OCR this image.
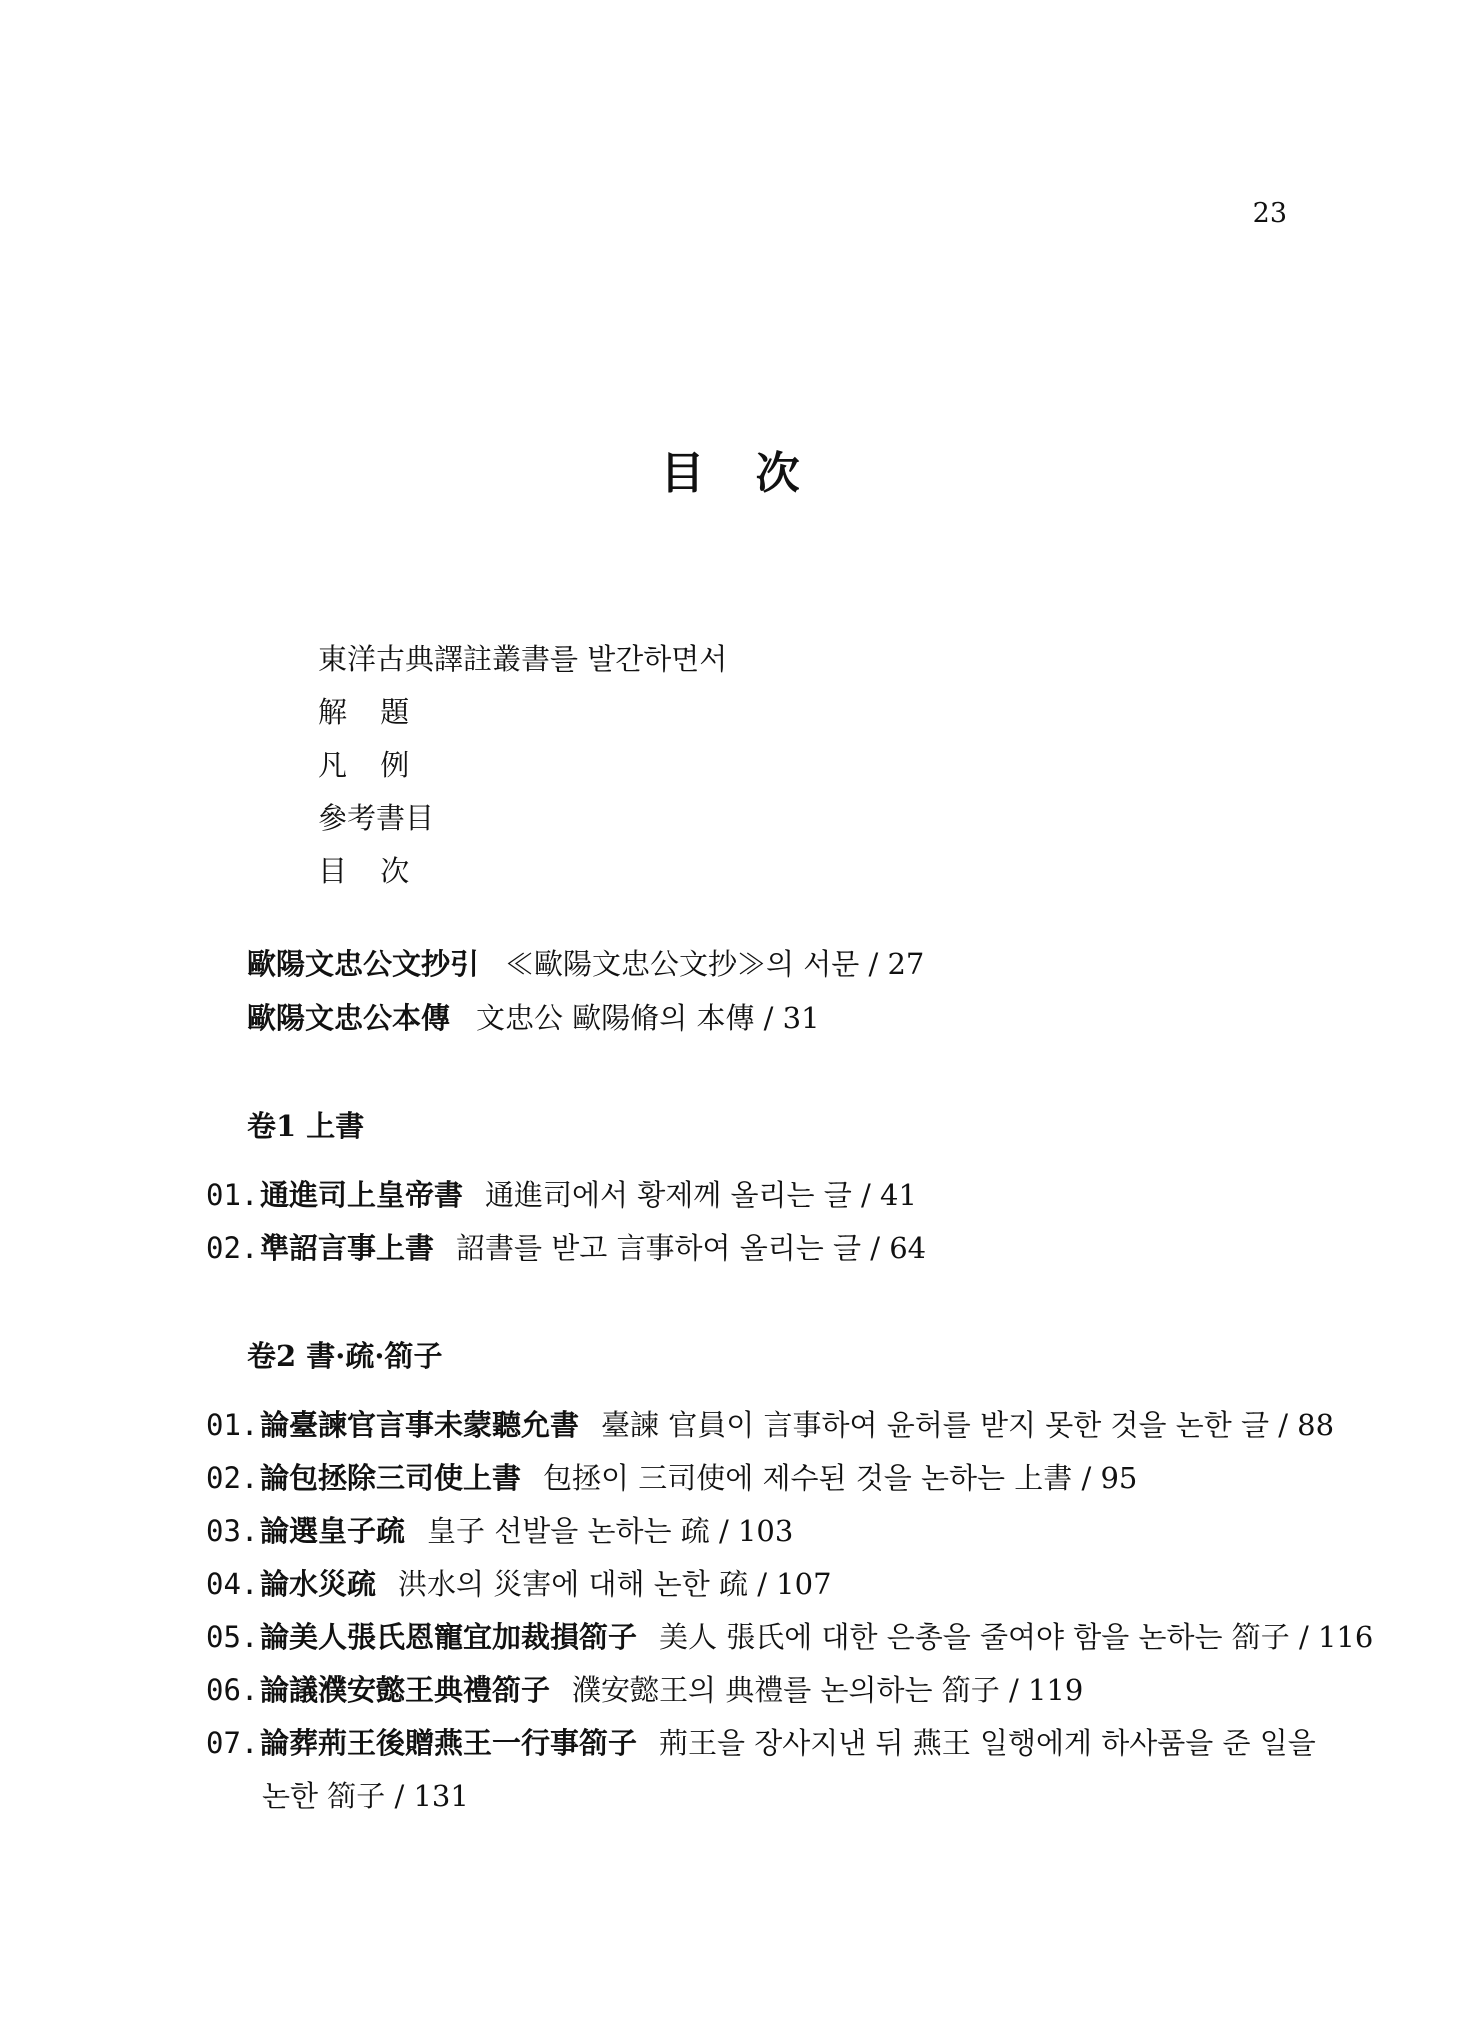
23
目 次
東洋古典譯註叢書를 발간하면서
解 題
凡 例
參考書目
目 次
歐陽文忠公文抄引 ≪歐陽文忠公文抄≫의 서문 / 27
歐陽文忠公本傳 文忠公 歐陽脩의 本傳 / 31
卷1 上書
01.通進司上皇帝書 通進司에서 황제께 올리는 글 / 41
02.準詔言事上書 詔書를 받고 言事하여 올리는 글 / 64
卷2 書·疏·箚子
01.論臺諫官言事未蒙聽允書 臺諫 官員이 言事하여 윤허를 받지 못한 것을 논한 글 / 88
02.論包拯除三司使上書 包拯이 三司使에 제수된 것을 논하는 上書 / 95
03.論選皇子疏 皇子 선발을 논하는 疏 / 103
04.論水災疏 洪水의 災害에 대해 논한 疏 / 107
05.論美人張氏恩寵宜加裁損箚子 美人 張氏에 대한 은총을 줄여야 함을 논하는 箚子 / 116
06.論議濮安懿王典禮箚子 濮安懿王의 典禮를 논의하는 箚子 / 119
07.論葬荊王後贈燕王一行事箚子 荊王을 장사지낸 뒤 燕王 일행에게 하사품을 준 일을
논한 箚子 / 131
